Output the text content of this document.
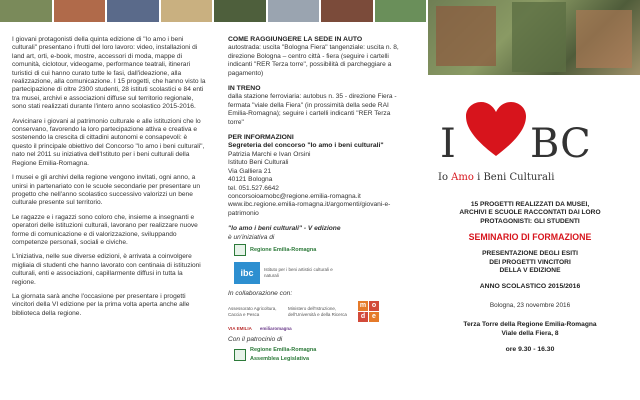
I giovani protagonisti della quinta edizione di "Io amo i beni culturali" presentano i frutti del loro lavoro: video, installazioni di land art, orti, e-book, mostre, accessori di moda, mappe di comunità, ciclotour, videogame, performance teatrali, itinerari turistici di cui hanno curato tutte le fasi, dall'ideazione, alla realizzazione, alla comunicazione. I 15 progetti, che hanno visto la partecipazione di oltre 2300 studenti, 28 istituti scolastici e 84 enti tra musei, archivi e associazioni diffuse sul territorio regionale, sono stati realizzati durante l'intero anno scolastico 2015-2016.

Avvicinare i giovani al patrimonio culturale e alle istituzioni che lo conservano, favorendo la loro partecipazione attiva e creativa e sostenendo la crescita di cittadini autonomi e consapevoli: è questo il principale obiettivo del Concorso "Io amo i beni culturali", nato nel 2011 su iniziativa dell'Istituto per i beni culturali della Regione Emilia-Romagna.

I musei e gli archivi della regione vengono invitati, ogni anno, a unirsi in partenariato con le scuole secondarie per presentare un progetto che nell'anno scolastico successivo valorizzi un bene culturale presente sul territorio.

Le ragazze e i ragazzi sono coloro che, insieme a insegnanti e operatori delle istituzioni culturali, lavorano per realizzare nuove forme di comunicazione e di valorizzazione, sviluppando competenze personali, sociali e civiche.

L'iniziativa, nelle sue diverse edizioni, è arrivata a coinvolgere migliaia di studenti che hanno lavorato con centinaia di istituzioni culturali, enti e associazioni, capillarmente diffusi in tutta la regione.

La giornata sarà anche l'occasione per presentare i progetti vincitori della VI edizione per la prima volta aperta anche alle biblioteca della regione.

COME RAGGIUNGERE LA SEDE IN AUTO
autostrada: uscita "Bologna Fiera" tangenziale: uscita n. 8, direzione Bologna – centro città - fiera (seguire i cartelli indicanti "RER Terza torre", possibilità di parcheggiare a pagamento)
IN TRENO
dalla stazione ferroviaria: autobus n. 35 - direzione Fiera - fermata "viale della Fiera" (in prossimità della sede RAI Emilia-Romagna); seguire i cartelli indicanti "RER Terza torre"
PER INFORMAZIONI
Segreteria del concorso "Io amo i beni culturali"
Patrizia Marchi e Ivan Orsini
Istituto Beni Culturali
Via Galliera 21
40121 Bologna
tel. 051.527.6642
concorsoioamobc@regione.emilia-romagna.it
www.ibc.regione.emilia-romagna.it/argomenti/giovani-e-patrimonio
"Io amo i beni culturali" - V edizione
è un'iniziativa di
Regione Emilia-Romagna
ibc	Istituto per i beni artistici culturali e naturali
In collaborazione con:
Assessorato Agricoltura, Caccia e Pesca
Ministero dell'Istruzione, dell'Università e della Ricerca
m o
d e
VIA EMILIA emiliaromagna
Con il patrocinio di
Regione Emilia-Romagna
Assemblea Legislativa
I BC
Io Amo i Beni Culturali
15 PROGETTI REALIZZATI DA MUSEI,
ARCHIVI E SCUOLE RACCONTATI DAI LORO
PROTAGONISTI: GLI STUDENTI
SEMINARIO DI FORMAZIONE
PRESENTAZIONE DEGLI ESITI
DEI PROGETTI VINCITORI
DELLA V EDIZIONE
ANNO SCOLASTICO 2015/2016
Bologna, 23 novembre 2016
Terza Torre della Regione Emilia-Romagna
Viale della Fiera, 8
ore 9.30 - 16.30
